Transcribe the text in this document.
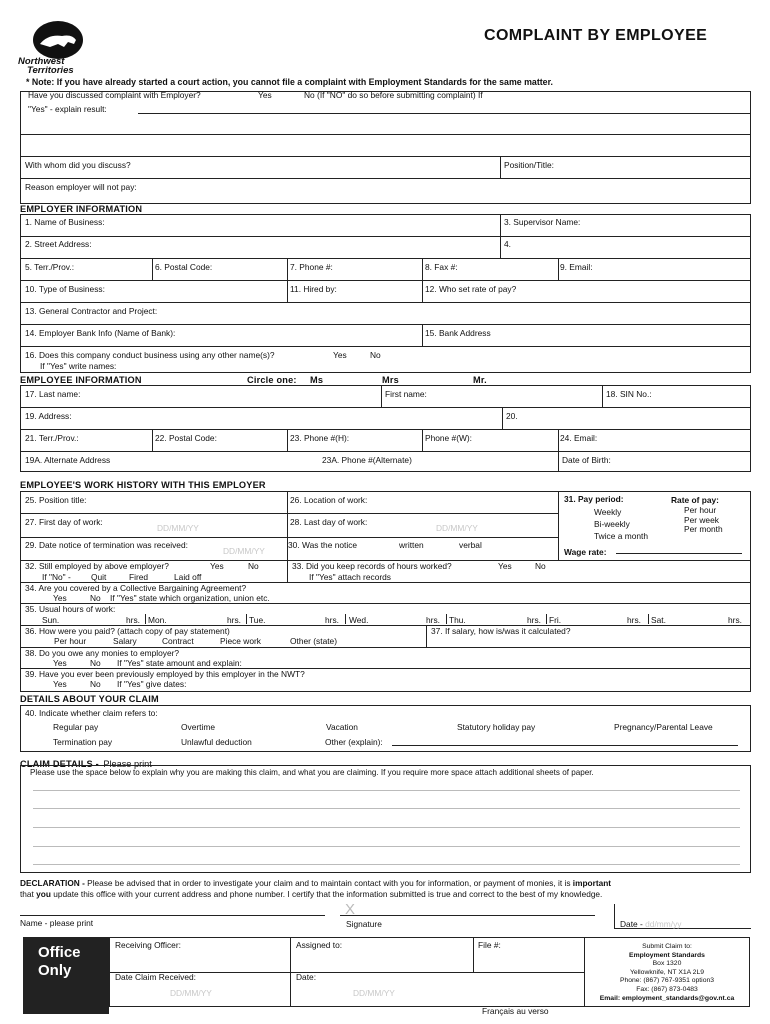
Northwest
Territories
COMPLAINT BY EMPLOYEE
* Note: If you have already started a court action, you cannot file a complaint with Employment Standards for the same matter.
Have you discussed complaint with Employer?	Yes	No (If "NO" do so before submitting complaint) If
"Yes" - explain result:
With whom did you discuss?	Position/Title:
Reason employer will not pay:
EMPLOYER INFORMATION
1. Name of Business:	3. Supervisor Name:
2. Street Address:	4.
5. Terr./Prov.:	6. Postal Code:	7. Phone #:	8. Fax #:	9. Email:
10. Type of Business:	11. Hired by:	12. Who set rate of pay?
13. General Contractor and Project:
14. Employer Bank Info (Name of Bank):	15. Bank Address
16. Does this company conduct business using any other name(s)?	Yes	No
If "Yes" write names:
EMPLOYEE INFORMATION	Circle one: Ms	Mrs	Mr.
17. Last name:	First name:	18. SIN No.:
19. Address:	20.
21. Terr./Prov.:	22. Postal Code:	23. Phone #(H):	Phone #(W):	24. Email:
19A. Alternate Address	23A. Phone #(Alternate)	Date of Birth:
EMPLOYEE'S WORK HISTORY WITH THIS EMPLOYER
25. Position title:	26. Location of work:	31. Pay period:
Weekly
Bi-weekly
Twice a month
Rate of pay:
Per hour
Per week
Per month
Wage rate:
27. First day of work:
DD/MM/YY
28. Last day of work:
DD/MM/YY
29. Date notice of termination was received:
DD/MM/YY
30. Was the notice	written	verbal
32. Still employed by above employer?	Yes	No
If "No" - Quit	Fired	Laid off
33. Did you keep records of hours worked?	Yes	No
If "Yes" attach records
34. Are you covered by a Collective Bargaining Agreement?
Yes	No If "Yes" state which organization, union etc.
35. Usual hours of work:
Sun.	hrs. Mon.	hrs. Tue.	hrs. Wed.	hrs. Thu.	hrs. Fri.	hrs. Sat.	hrs.
36. How were you paid? (attach copy of pay statement)
Per hour	Salary	Contract	Piece work	Other (state)
37. If salary, how is/was it calculated?
38. Do you owe any monies to employer?
Yes	No If "Yes" state amount and explain:
39. Have you ever been previously employed by this employer in the NWT?
Yes	No If "Yes" give dates:
DETAILS ABOUT YOUR CLAIM
40. Indicate whether claim refers to:
Regular pay	Overtime	Vacation	Statutory holiday pay	Pregnancy/Parental Leave
Termination pay	Unlawful deduction	Other (explain):
CLAIM DETAILS - Please print
Please use the space below to explain why you are making this claim, and what you are claiming. If you require more space attach additional sheets of paper.
DECLARATION - Please be advised that in order to investigate your claim and to maintain contact with you for information, or payment of monies, it is important
that you update this office with your current address and phone number. I certify that the information submitted is true and correct to the best of my knowledge.
X
Name - please print	Signature	Date - dd/mm/yy
Office Only
Receiving Officer:	Assigned to:	File #:
Date Claim Received:
DD/MM/YY
Date:
DD/MM/YY
Submit Claim to:
Employment Standards
Box 1320
Yellowknife, NT X1A 2L9
Phone: (867) 767-9351 option3
Fax: (867) 873-0483
Email: employment_standards@gov.nt.ca
Français au verso
